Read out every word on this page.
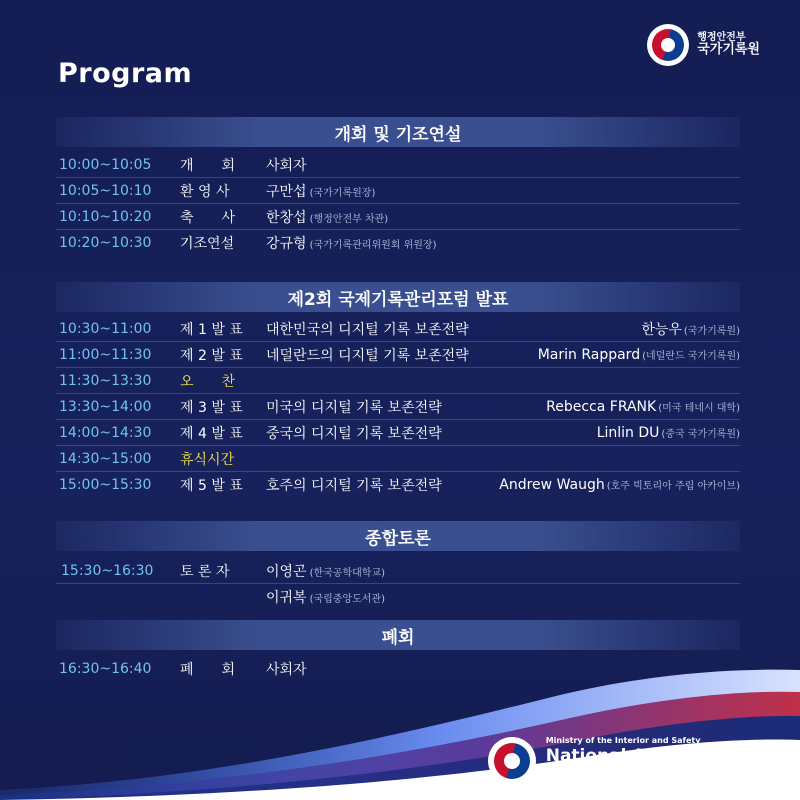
행정안전부
국가기록원
Program
개회 및 기조연설
10:00~10:05 개　　회 사회자
10:05~10:10 환 영 사	구만섭 (국가기록원장)
10:10~10:20 축　　사 한창섭 (행정안전부 차관)
10:20~10:30 기조연설 강규형 (국가기록관리위원회 위원장)
제2회 국제기록관리포럼 발표
10:30~11:00 제 1 발 표 대한민국의 디지털 기록 보존전략	한능우 (국가기록원)
11:00~11:30 제 2 발 표 네덜란드의 디지털 기록 보존전략	Marin Rappard (네덜란드 국가기록원)
11:30~13:30 오　　찬
13:30~14:00 제 3 발 표 미국의 디지털 기록 보존전략	Rebecca FRANK (미국 테네시 대학)
14:00~14:30 제 4 발 표 중국의 디지털 기록 보존전략	Linlin DU (중국 국가기록원)
14:30~15:00 휴식시간
15:00~15:30 제 5 발 표 호주의 디지털 기록 보존전략	Andrew Waugh (호주 빅토리아 주립 아카이브)
종합토론
15:30~16:30 토 론 자	이영곤 (한국공학대학교)
이귀복 (국립중앙도서관)
폐회
16:30~16:40 폐　　회 사회자
Ministry of the Interior and Safety
National Archives of Korea
